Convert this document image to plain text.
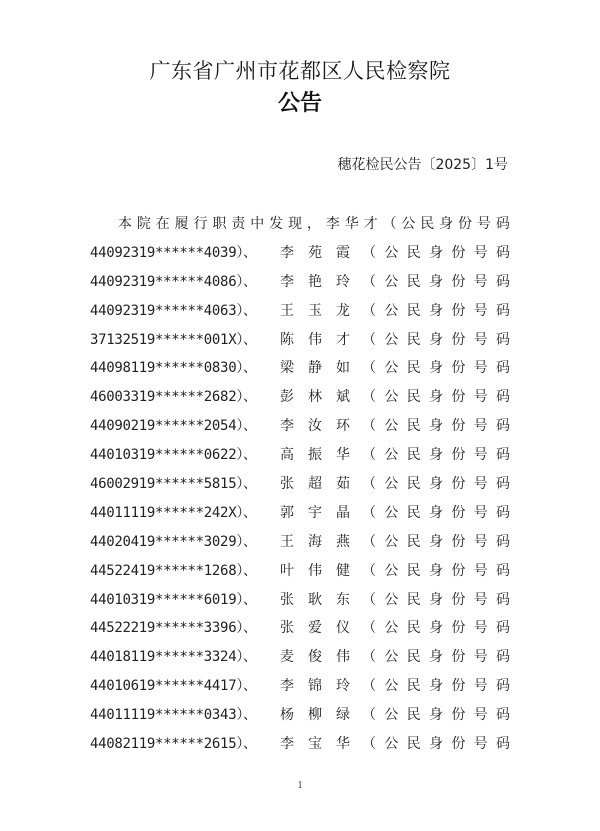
广东省广州市花都区人民检察院
公告
穗花检民公告〔2025〕1号
本 院 在 履 行 职 责 中 发 现 ， 李 华 才 （ 公 民 身 份 号 码
44092319******4039）、	李 苑 霞 （ 公 民 身 份 号 码
44092319******4086）、	李 艳 玲 （ 公 民 身 份 号 码
44092319******4063）、	王 玉 龙 （ 公 民 身 份 号 码
37132519******001X）、	陈 伟 才 （ 公 民 身 份 号 码
44098119******0830）、	梁 静 如 （ 公 民 身 份 号 码
46003319******2682）、	彭 林 斌 （ 公 民 身 份 号 码
44090219******2054）、	李 汝 环 （ 公 民 身 份 号 码
44010319******0622）、	高 振 华 （ 公 民 身 份 号 码
46002919******5815）、	张 超 茹 （ 公 民 身 份 号 码
44011119******242X）、	郭 宇 晶 （ 公 民 身 份 号 码
44020419******3029）、	王 海 燕 （ 公 民 身 份 号 码
44522419******1268）、	叶 伟 健 （ 公 民 身 份 号 码
44010319******6019）、	张 耿 东 （ 公 民 身 份 号 码
44522219******3396）、	张 爱 仪 （ 公 民 身 份 号 码
44018119******3324）、	麦 俊 伟 （ 公 民 身 份 号 码
44010619******4417）、	李 锦 玲 （ 公 民 身 份 号 码
44011119******0343）、	杨 柳 绿 （ 公 民 身 份 号 码
44082119******2615）、	李 宝 华 （ 公 民 身 份 号 码
1
